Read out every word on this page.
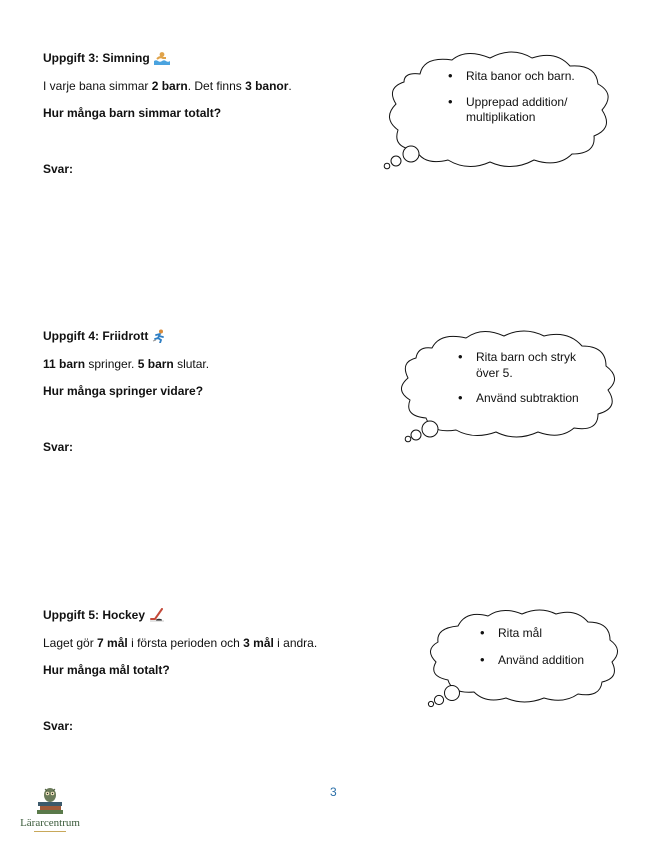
Uppgift 3: Simning
I varje bana simmar 2 barn. Det finns 3 banor.
Hur många barn simmar totalt?
Svar:
• Rita banor och barn.
• Upprepad addition/ multiplikation
Uppgift 4: Friidrott
11 barn springer. 5 barn slutar.
Hur många springer vidare?
Svar:
• Rita barn och stryk över 5.
• Använd subtraktion
Uppgift 5: Hockey
Laget gör 7 mål i första perioden och 3 mål i andra.
Hur många mål totalt?
Svar:
• Rita mål
• Använd addition
3
Lärarcentrum
